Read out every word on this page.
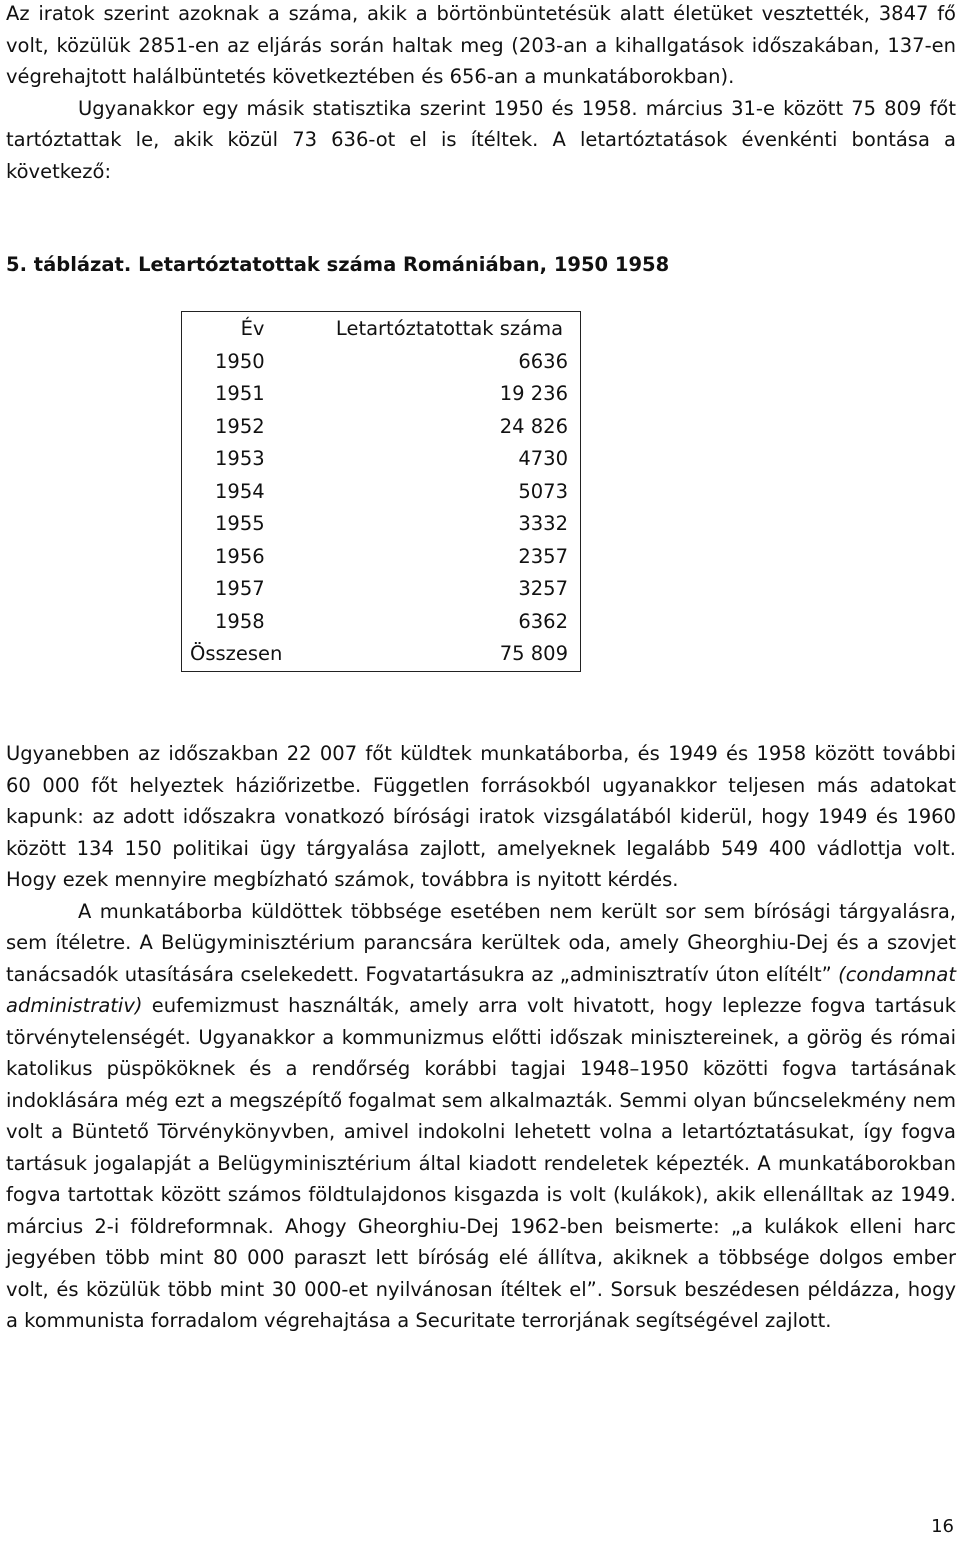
Az iratok szerint azoknak a száma, akik a börtönbüntetésük alatt életüket vesztették, 3847 fő volt, közülük 2851-en az eljárás során haltak meg (203-an a kihallgatások időszakában, 137-en végrehajtott halálbüntetés következtében és 656-an a munkatáborokban).

Ugyanakkor egy másik statisztika szerint 1950 és 1958. március 31-e között 75 809 főt tartóztattak le, akik közül 73 636-ot el is ítéltek. A letartóztatások évenkénti bontása a következő:

5. táblázat. Letartóztatottak száma Romániában, 1950 1958

Év	Letartóztatottak száma
1950	6636
1951	19 236
1952	24 826
1953	4730
1954	5073
1955	3332
1956	2357
1957	3257
1958	6362
Összesen	75 809

Ugyanebben az időszakban 22 007 főt küldtek munkatáborba, és 1949 és 1958 között további 60 000 főt helyeztek háziőrizetbe. Független forrásokból ugyanakkor teljesen más adatokat kapunk: az adott időszakra vonatkozó bírósági iratok vizsgálatából kiderül, hogy 1949 és 1960 között 134 150 politikai ügy tárgyalása zajlott, amelyeknek legalább 549 400 vádlottja volt. Hogy ezek mennyire megbízható számok, továbbra is nyitott kérdés.

A munkatáborba küldöttek többsége esetében nem került sor sem bírósági tárgyalásra, sem ítéletre. A Belügyminisztérium parancsára kerültek oda, amely Gheorghiu-Dej és a szovjet tanácsadók utasítására cselekedett. Fogvatartásukra az „adminisztratív úton elítélt” (condamnat administrativ) eufemizmust használták, amely arra volt hivatott, hogy leplezze fogva tartásuk törvénytelenségét. Ugyanakkor a kommunizmus előtti időszak minisztereinek, a görög és római katolikus püspököknek és a rendőrség korábbi tagjai 1948–1950 közötti fogva tartásának indoklására még ezt a megszépítő fogalmat sem alkalmazták. Semmi olyan bűncselekmény nem volt a Büntető Törvénykönyvben, amivel indokolni lehetett volna a letartóztatásukat, így fogva tartásuk jogalapját a Belügyminisztérium által kiadott rendeletek képezték. A munkatáborokban fogva tartottak között számos földtulajdonos kisgazda is volt (kulákok), akik ellenálltak az 1949. március 2-i földreformnak. Ahogy Gheorghiu-Dej 1962-ben beismerte: „a kulákok elleni harc jegyében több mint 80 000 paraszt lett bíróság elé állítva, akiknek a többsége dolgos ember volt, és közülük több mint 30 000-et nyilvánosan ítéltek el”. Sorsuk beszédesen példázza, hogy a kommunista forradalom végrehajtása a Securitate terrorjának segítségével zajlott.

16
